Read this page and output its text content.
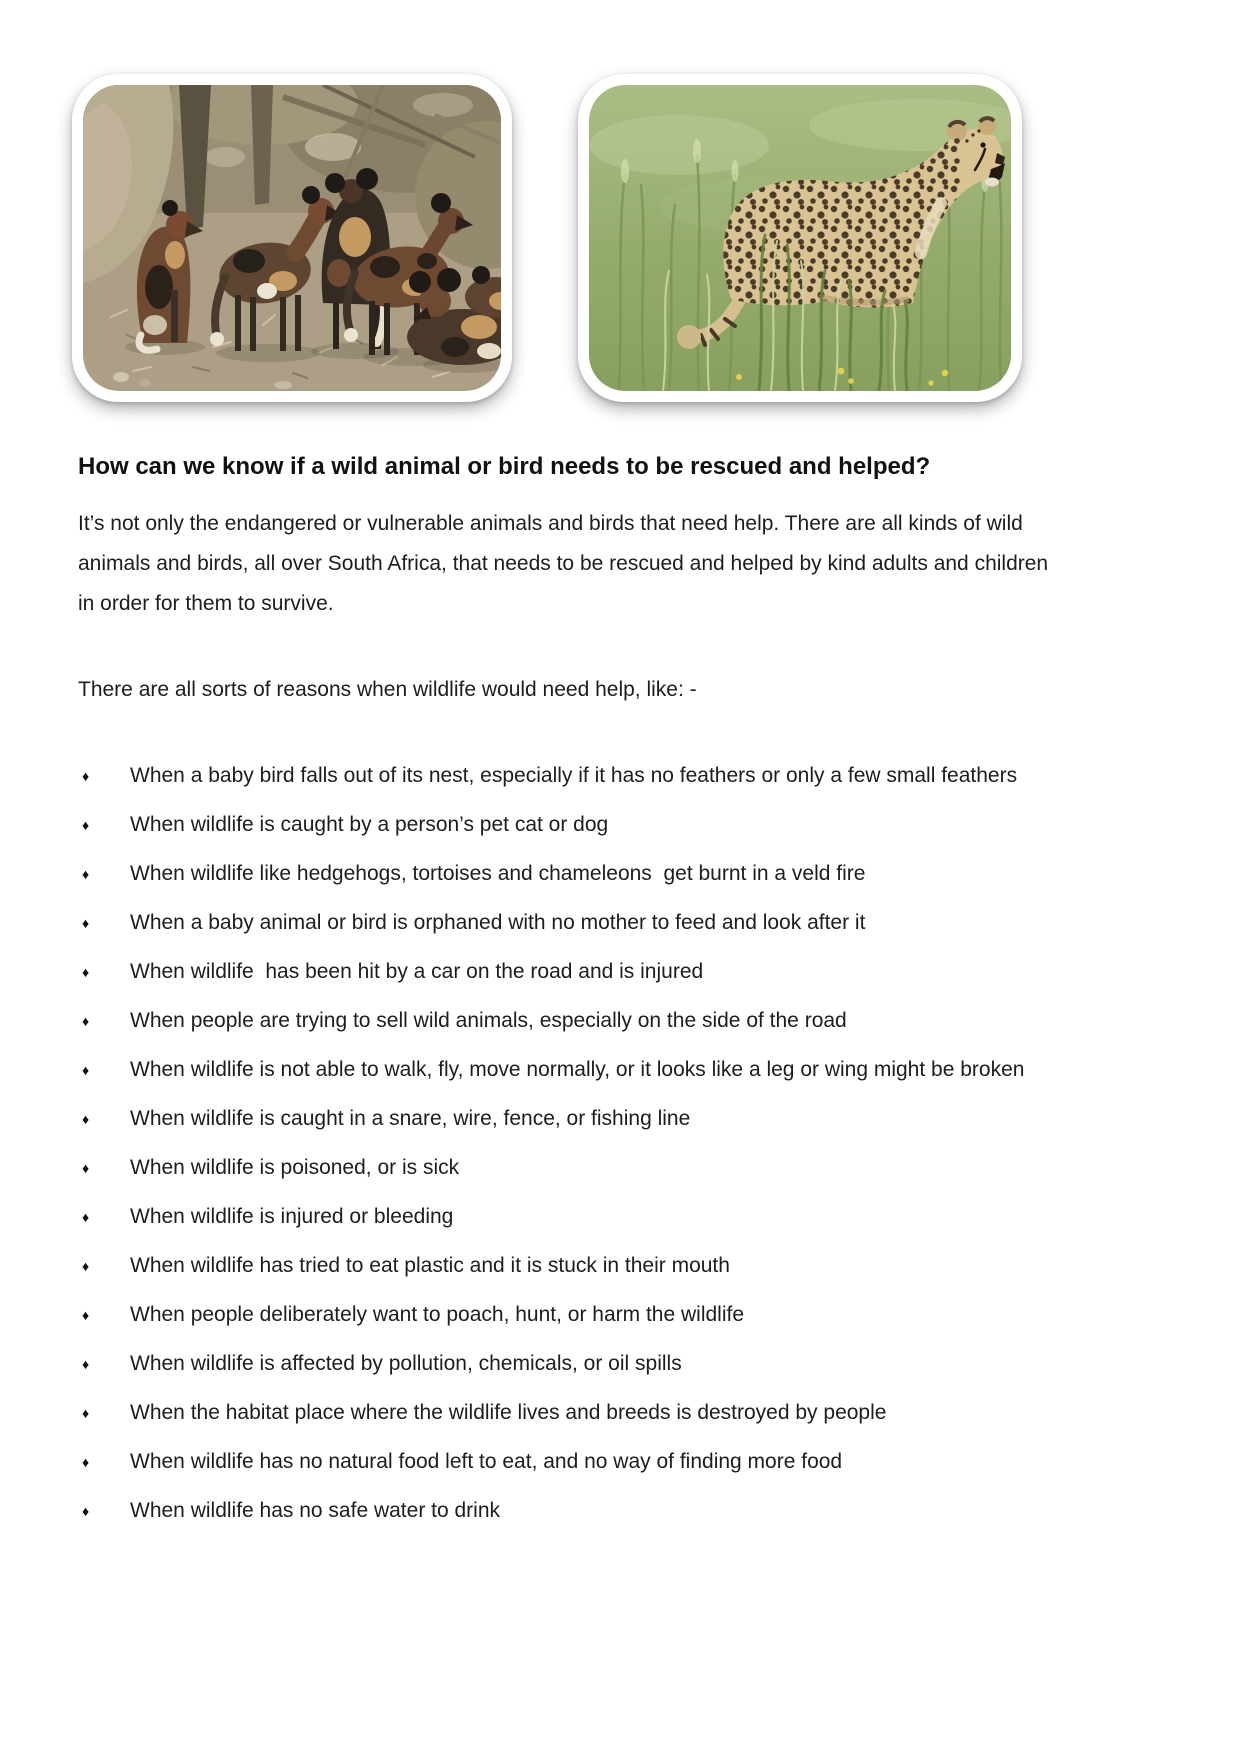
How can we know if a wild animal or bird needs to be rescued and helped?
It’s not only the endangered or vulnerable animals and birds that need help. There are all kinds of wild
animals and birds, all over South Africa, that needs to be rescued and helped by kind adults and children
in order for them to survive.

There are all sorts of reasons when wildlife would need help, like: -

♦	When a baby bird falls out of its nest, especially if it has no feathers or only a few small feathers
♦	When wildlife is caught by a person’s pet cat or dog
♦	When wildlife like hedgehogs, tortoises and chameleons  get burnt in a veld fire
♦	When a baby animal or bird is orphaned with no mother to feed and look after it
♦	When wildlife  has been hit by a car on the road and is injured
♦	When people are trying to sell wild animals, especially on the side of the road
♦	When wildlife is not able to walk, fly, move normally, or it looks like a leg or wing might be broken
♦	When wildlife is caught in a snare, wire, fence, or fishing line
♦	When wildlife is poisoned, or is sick
♦	When wildlife is injured or bleeding
♦	When wildlife has tried to eat plastic and it is stuck in their mouth
♦	When people deliberately want to poach, hunt, or harm the wildlife
♦	When wildlife is affected by pollution, chemicals, or oil spills
♦	When the habitat place where the wildlife lives and breeds is destroyed by people
♦	When wildlife has no natural food left to eat, and no way of finding more food
♦	When wildlife has no safe water to drink
